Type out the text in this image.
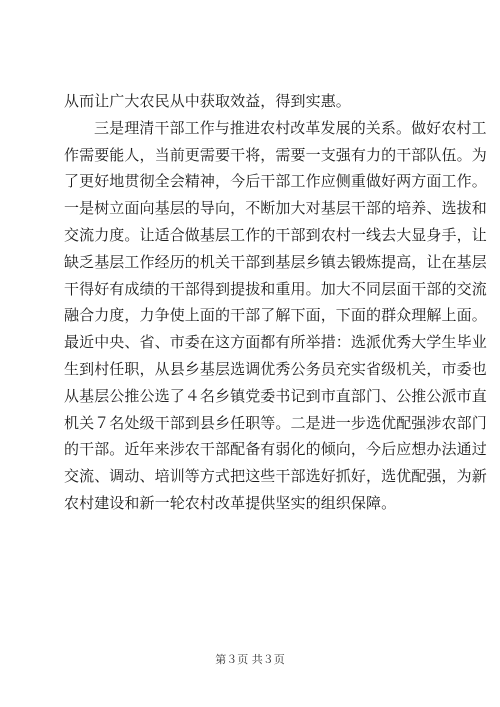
从而让广大农民从中获取效益，得到实惠。
三是理清干部工作与推进农村改革发展的关系。做好农村工
作需要能人，当前更需要干将，需要一支强有力的干部队伍。为
了更好地贯彻全会精神，今后干部工作应侧重做好两方面工作。
一是树立面向基层的导向，不断加大对基层干部的培养、选拔和
交流力度。让适合做基层工作的干部到农村一线去大显身手，让
缺乏基层工作经历的机关干部到基层乡镇去锻炼提高，让在基层
干得好有成绩的干部得到提拔和重用。加大不同层面干部的交流
融合力度，力争使上面的干部了解下面，下面的群众理解上面。
最近中央、省、市委在这方面都有所举措：选派优秀大学生毕业
生到村任职，从县乡基层选调优秀公务员充实省级机关，市委也
从基层公推公选了４名乡镇党委书记到市直部门、公推公派市直
机关７名处级干部到县乡任职等。二是进一步选优配强涉农部门
的干部。近年来涉农干部配备有弱化的倾向，今后应想办法通过
交流、调动、培训等方式把这些干部选好抓好，选优配强，为新
农村建设和新一轮农村改革提供坚实的组织保障。
第３页 共３页
